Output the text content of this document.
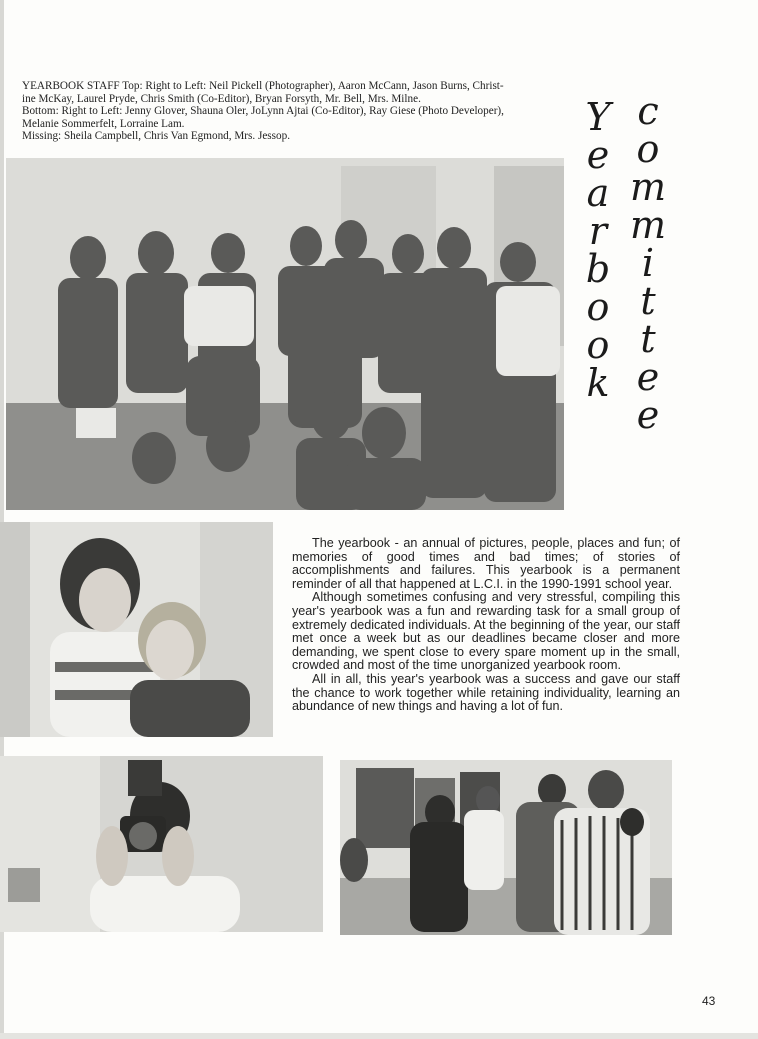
YEARBOOK STAFF Top: Right to Left: Neil Pickell (Photographer), Aaron McCann, Jason Burns, Christ-

ine McKay, Laurel Pryde, Chris Smith (Co-Editor), Bryan Forsyth, Mr. Bell, Mrs. Milne.

Bottom: Right to Left: Jenny Glover, Shauna Oler, JoLynn Ajtai (Co-Editor), Ray Giese (Photo Developer),

Melanie Sommerfelt, Lorraine Lam.

Missing: Sheila Campbell, Chris Van Egmond, Mrs. Jessop.	Y
e
a
r
b
o
o
k
c
o
m
m
i
t
t
e
e

The yearbook - an annual of pictures, people, places and fun; of memories of good times and bad times; of stories of accomplishments and failures. This yearbook is a permanent reminder of all that happened at L.C.I. in the 1990-1991 school year.

Although sometimes confusing and very stressful, compiling this year's yearbook was a fun and rewarding task for a small group of extremely dedicated individuals. At the beginning of the year, our staff met once a week but as our deadlines became closer and more demanding, we spent close to every spare moment up in the small, crowded and most of the time unorganized yearbook room.

All in all, this year's yearbook was a success and gave our staff the chance to work together while retaining individuality, learning an abundance of new things and having a lot of fun.

43
